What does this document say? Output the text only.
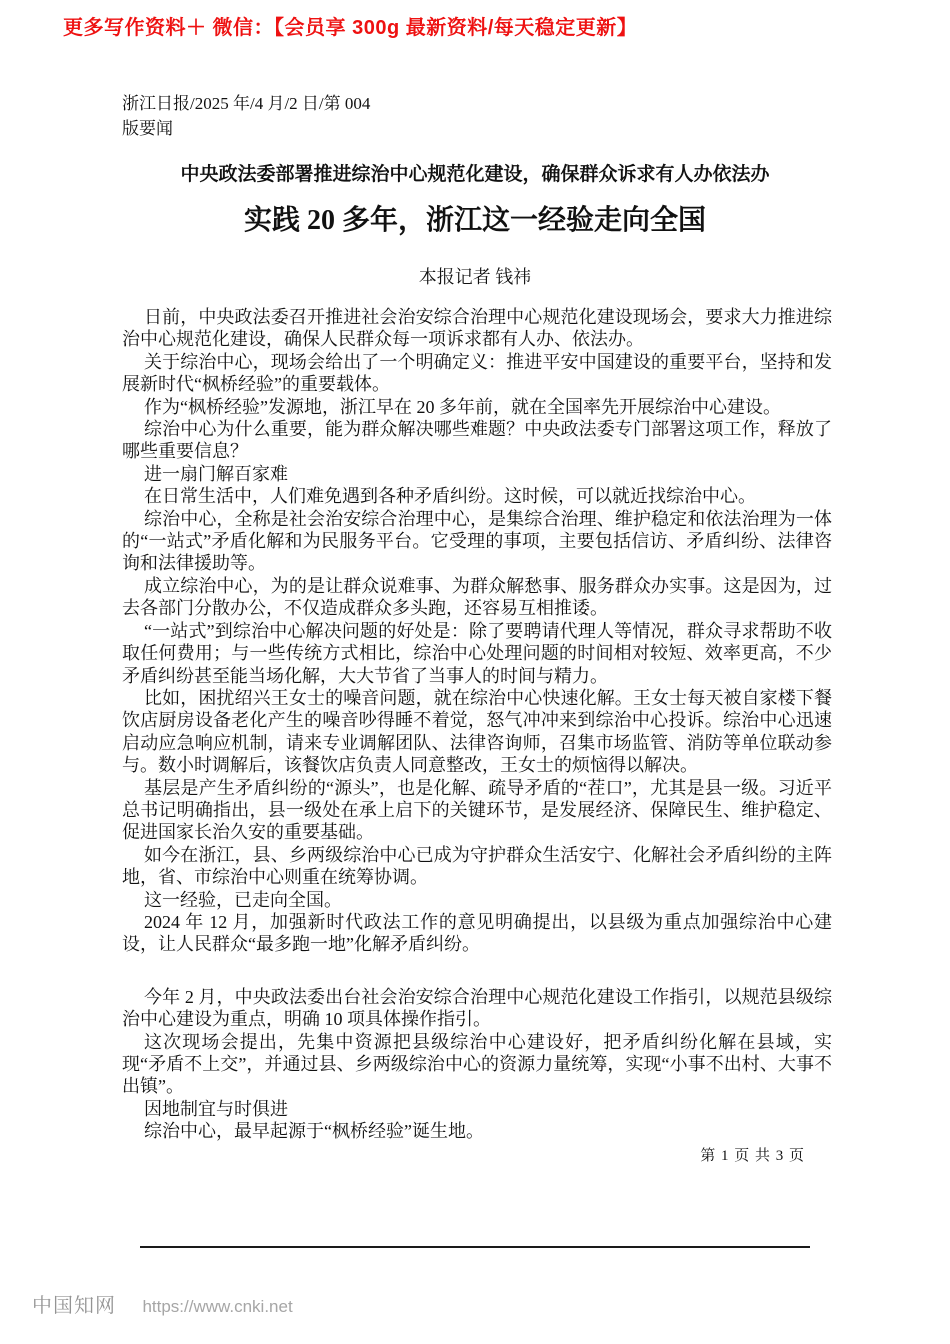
更多写作资料＋ 微信：【会员享 300g 最新资料/每天稳定更新】
浙江日报/2025 年/4 月/2 日/第 004
版要闻
中央政法委部署推进综治中心规范化建设，确保群众诉求有人办依法办
实践 20 多年，浙江这一经验走向全国
本报记者 钱祎

日前，中央政法委召开推进社会治安综合治理中心规范化建设现场会，要求大力推进综治中心规范化建设，确保人民群众每一项诉求都有人办、依法办。

关于综治中心，现场会给出了一个明确定义：推进平安中国建设的重要平台，坚持和发展新时代“枫桥经验”的重要载体。

作为“枫桥经验”发源地，浙江早在 20 多年前，就在全国率先开展综治中心建设。

综治中心为什么重要，能为群众解决哪些难题？中央政法委专门部署这项工作，释放了哪些重要信息？

进一扇门解百家难

在日常生活中，人们难免遇到各种矛盾纠纷。这时候，可以就近找综治中心。

综治中心，全称是社会治安综合治理中心，是集综合治理、维护稳定和依法治理为一体的“一站式”矛盾化解和为民服务平台。它受理的事项，主要包括信访、矛盾纠纷、法律咨询和法律援助等。

成立综治中心，为的是让群众说难事、为群众解愁事、服务群众办实事。这是因为，过去各部门分散办公，不仅造成群众多头跑，还容易互相推诿。

“一站式”到综治中心解决问题的好处是：除了要聘请代理人等情况，群众寻求帮助不收取任何费用；与一些传统方式相比，综治中心处理问题的时间相对较短、效率更高，不少矛盾纠纷甚至能当场化解，大大节省了当事人的时间与精力。

比如，困扰绍兴王女士的噪音问题，就在综治中心快速化解。王女士每天被自家楼下餐饮店厨房设备老化产生的噪音吵得睡不着觉，怒气冲冲来到综治中心投诉。综治中心迅速启动应急响应机制，请来专业调解团队、法律咨询师，召集市场监管、消防等单位联动参与。数小时调解后，该餐饮店负责人同意整改，王女士的烦恼得以解决。

基层是产生矛盾纠纷的“源头”，也是化解、疏导矛盾的“茬口”，尤其是县一级。习近平总书记明确指出，县一级处在承上启下的关键环节，是发展经济、保障民生、维护稳定、促进国家长治久安的重要基础。

如今在浙江，县、乡两级综治中心已成为守护群众生活安宁、化解社会矛盾纠纷的主阵地，省、市综治中心则重在统筹协调。

这一经验，已走向全国。

2024 年 12 月，加强新时代政法工作的意见明确提出，以县级为重点加强综治中心建设，让人民群众“最多跑一地”化解矛盾纠纷。

今年 2 月，中央政法委出台社会治安综合治理中心规范化建设工作指引，以规范县级综治中心建设为重点，明确 10 项具体操作指引。

这次现场会提出，先集中资源把县级综治中心建设好，把矛盾纠纷化解在县域，实现“矛盾不上交”，并通过县、乡两级综治中心的资源力量统筹，实现“小事不出村、大事不出镇”。

因地制宜与时俱进

综治中心，最早起源于“枫桥经验”诞生地。

第 1 页 共 3 页
中国知网 https://www.cnki.net
